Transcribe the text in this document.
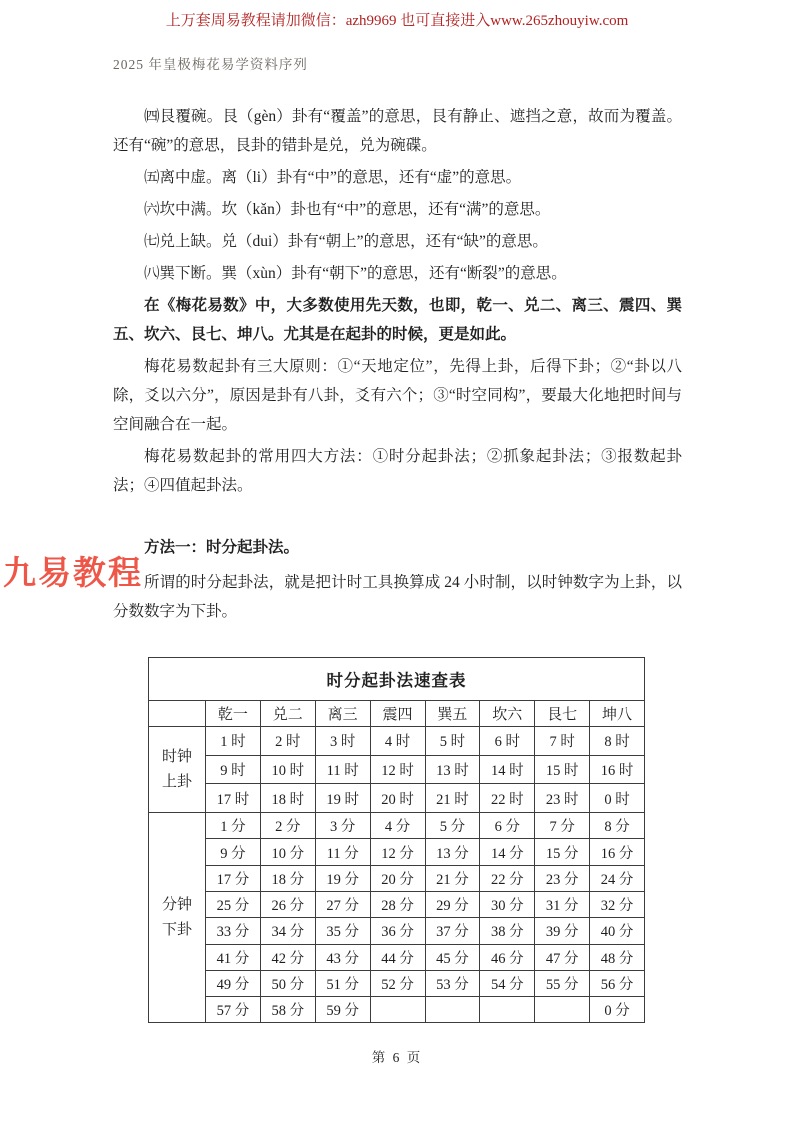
上万套周易教程请加微信：azh9969 也可直接进入www.265zhouyiw.com
2025 年皇极梅花易学资料序列

㈣艮覆碗。艮（gèn）卦有“覆盖”的意思，艮有静止、遮挡之意，故而为覆盖。还有“碗”的意思，艮卦的错卦是兑，兑为碗碟。

㈤离中虚。离（li）卦有“中”的意思，还有“虚”的意思。

㈥坎中满。坎（kǎn）卦也有“中”的意思，还有“满”的意思。

㈦兑上缺。兑（dui）卦有“朝上”的意思，还有“缺”的意思。

㈧巽下断。巽（xùn）卦有“朝下”的意思，还有“断裂”的意思。

在《梅花易数》中，大多数使用先天数，也即，乾一、兑二、离三、震四、巽五、坎六、艮七、坤八。尤其是在起卦的时候，更是如此。

梅花易数起卦有三大原则：①“天地定位”，先得上卦，后得下卦；②“卦以八除，爻以六分”，原因是卦有八卦，爻有六个；③“时空同构”，要最大化地把时间与空间融合在一起。

梅花易数起卦的常用四大方法：①时分起卦法；②抓象起卦法；③报数起卦法；④四值起卦法。

九易教程
方法一：时分起卦法。

所谓的时分起卦法，就是把计时工具换算成 24 小时制，以时钟数字为上卦，以分数数字为下卦。

时分起卦法速查表								
	乾一	兑二	离三	震四	巽五	坎六	艮七	坤八
时钟上卦	1 时	2 时	3 时	4 时	5 时	6 时	7 时	8 时
	9 时	10 时	11 时	12 时	13 时	14 时	15 时	16 时
	17 时	18 时	19 时	20 时	21 时	22 时	23 时	0 时
分钟下卦	1 分	2 分	3 分	4 分	5 分	6 分	7 分	8 分
	9 分	10 分	11 分	12 分	13 分	14 分	15 分	16 分
	17 分	18 分	19 分	20 分	21 分	22 分	23 分	24 分
	25 分	26 分	27 分	28 分	29 分	30 分	31 分	32 分
	33 分	34 分	35 分	36 分	37 分	38 分	39 分	40 分
	41 分	42 分	43 分	44 分	45 分	46 分	47 分	48 分
	49 分	50 分	51 分	52 分	53 分	54 分	55 分	56 分
	57 分	58 分	59 分					0 分
第 6 页
